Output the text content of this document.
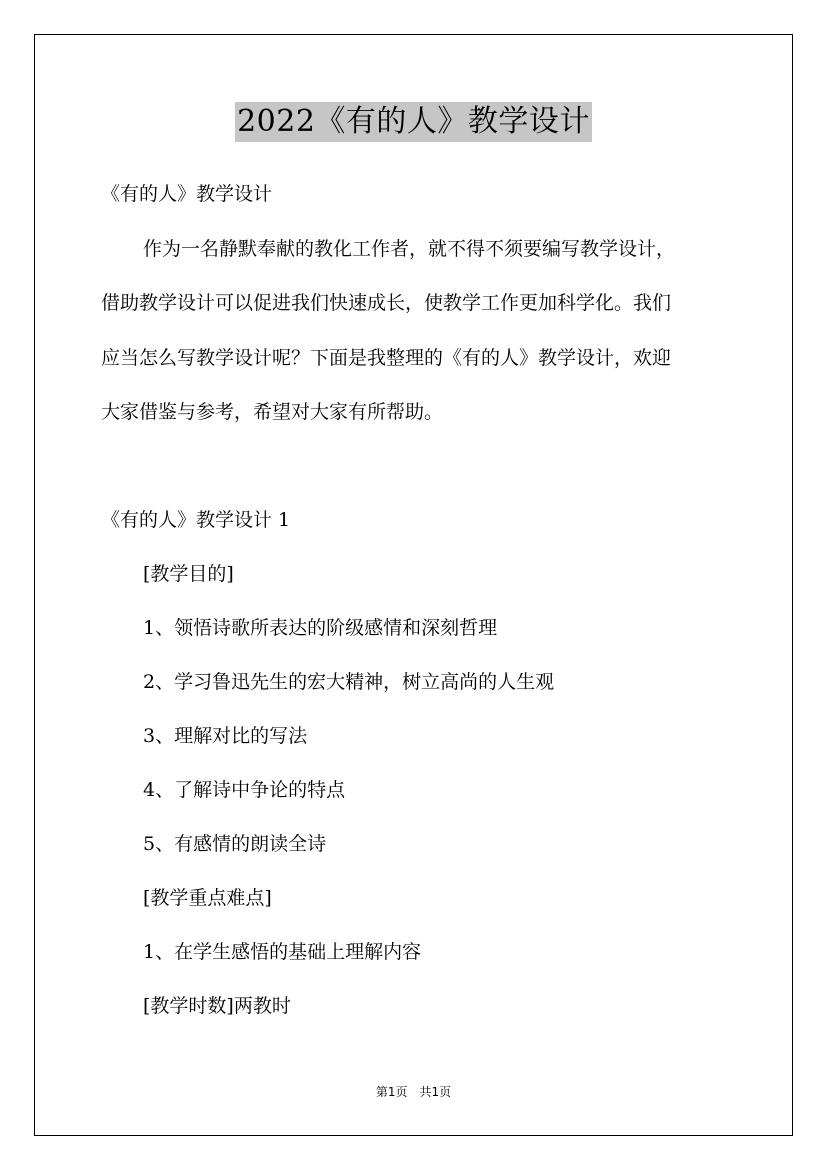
2022《有的人》教学设计
《有的人》教学设计
作为一名静默奉献的教化工作者，就不得不须要编写教学设计，
借助教学设计可以促进我们快速成长，使教学工作更加科学化。我们
应当怎么写教学设计呢？下面是我整理的《有的人》教学设计，欢迎
大家借鉴与参考，希望对大家有所帮助。
《有的人》教学设计 1
[教学目的]
1、领悟诗歌所表达的阶级感情和深刻哲理
2、学习鲁迅先生的宏大精神，树立高尚的人生观
3、理解对比的写法
4、了解诗中争论的特点
5、有感情的朗读全诗
[教学重点难点]
1、在学生感悟的基础上理解内容
[教学时数]两教时
第1页　共1页
